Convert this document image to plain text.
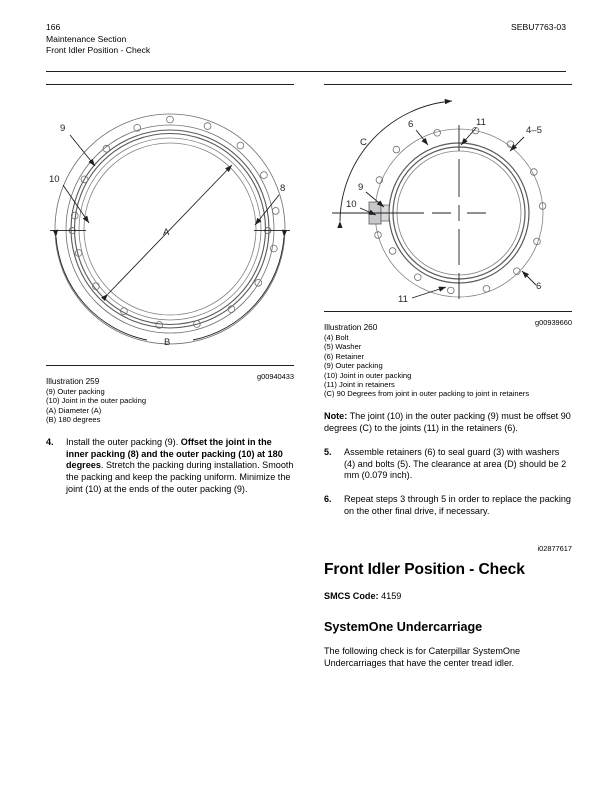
166
Maintenance Section
Front Idler Position - Check
SEBU7763-03
A
9
10
8
B
Illustration 259
g00940433
(9) Outer packing
(10) Joint in the outer packing
(A) Diameter (A)
(B) 180 degrees
4. Install the outer packing (9). Offset the joint in the inner packing (8) and the outer packing (10) at 180 degrees. Stretch the packing during installation. Smooth the packing and keep the packing uniform. Minimize the joint (10) at the ends of the outer packing (9).
C
6	11
4–5
9
10
11
6
Illustration 260
g00939660
(4) Bolt
(5) Washer
(6) Retainer
(9) Outer packing
(10) Joint in outer packing
(11) Joint in retainers
(C) 90 Degrees from joint in outer packing to joint in retainers
Note: The joint (10) in the outer packing (9) must be offset 90 degrees (C) to the joints (11) in the retainers (6).
5. Assemble retainers (6) to seal guard (3) with washers (4) and bolts (5). The clearance at area (D) should be 2 mm (0.079 inch).
6. Repeat steps 3 through 5 in order to replace the packing on the other final drive, if necessary.
i02877617
Front Idler Position - Check
SMCS Code: 4159
SystemOne Undercarriage
The following check is for Caterpillar SystemOne Undercarriages that have the center tread idler.
